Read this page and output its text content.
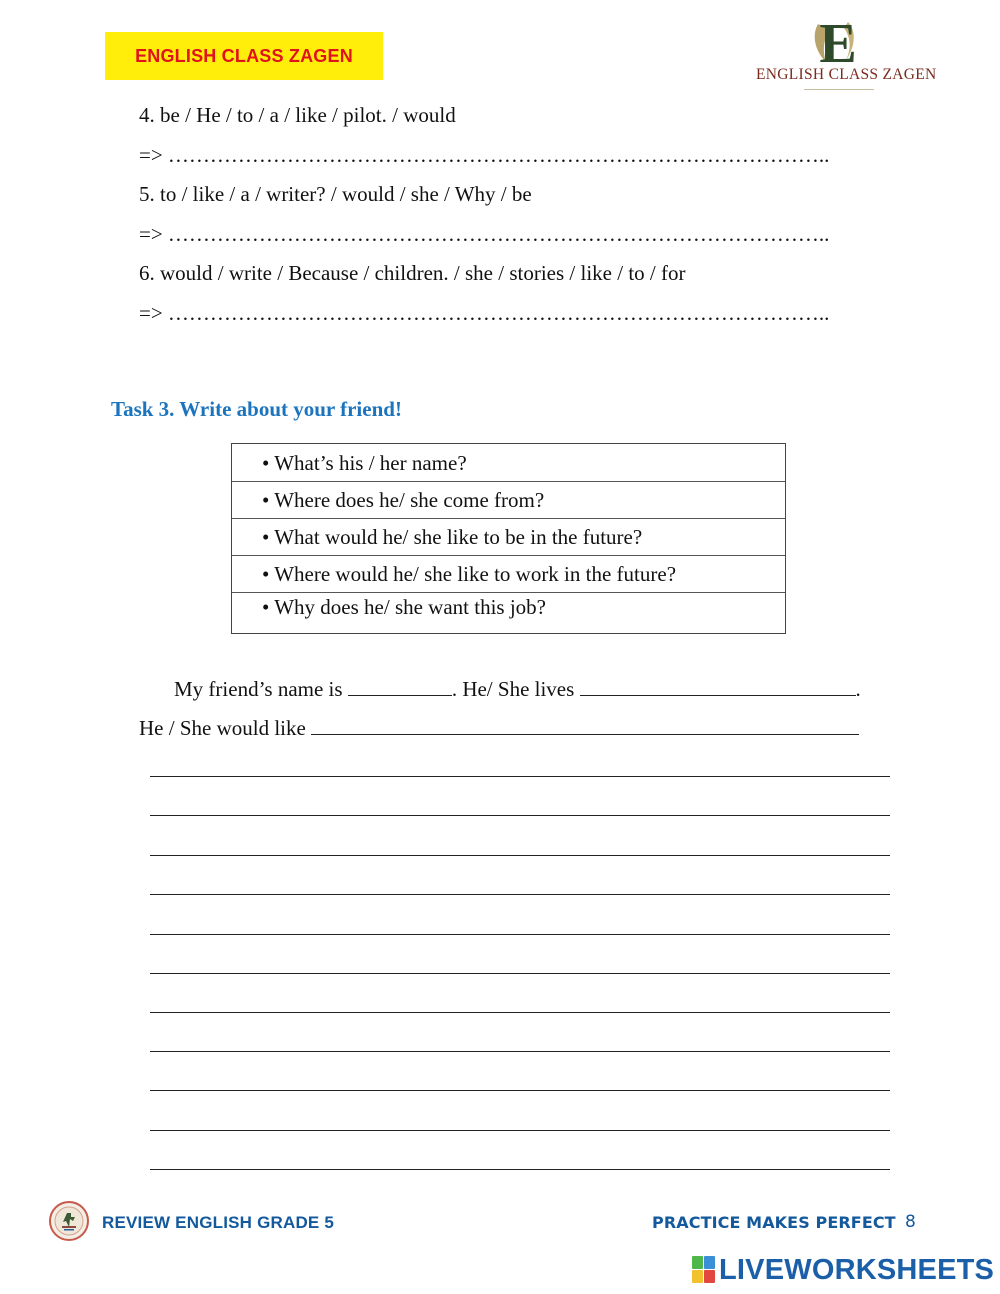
ENGLISH CLASS ZAGEN	E
ENGLISH CLASS ZAGEN
4. be / He / to / a / like / pilot. / would
=> …………………………………………………………………………………..
5. to / like / a / writer? / would / she / Why / be
=> …………………………………………………………………………………..
6. would / write / Because / children. / she / stories / like / to / for
=> …………………………………………………………………………………..
Task 3. Write about your friend!
• What’s his / her name?
• Where does he/ she come from?
• What would he/ she like to be in the future?
• Where would he/ she like to work in the future?
• Why does he/ she want this job?
My friend’s name is	. He/ She lives	.
He / She would like
REVIEW ENGLISH GRADE 5	PRACTICE MAKES PERFECT 8
LIVEWORKSHEETS
